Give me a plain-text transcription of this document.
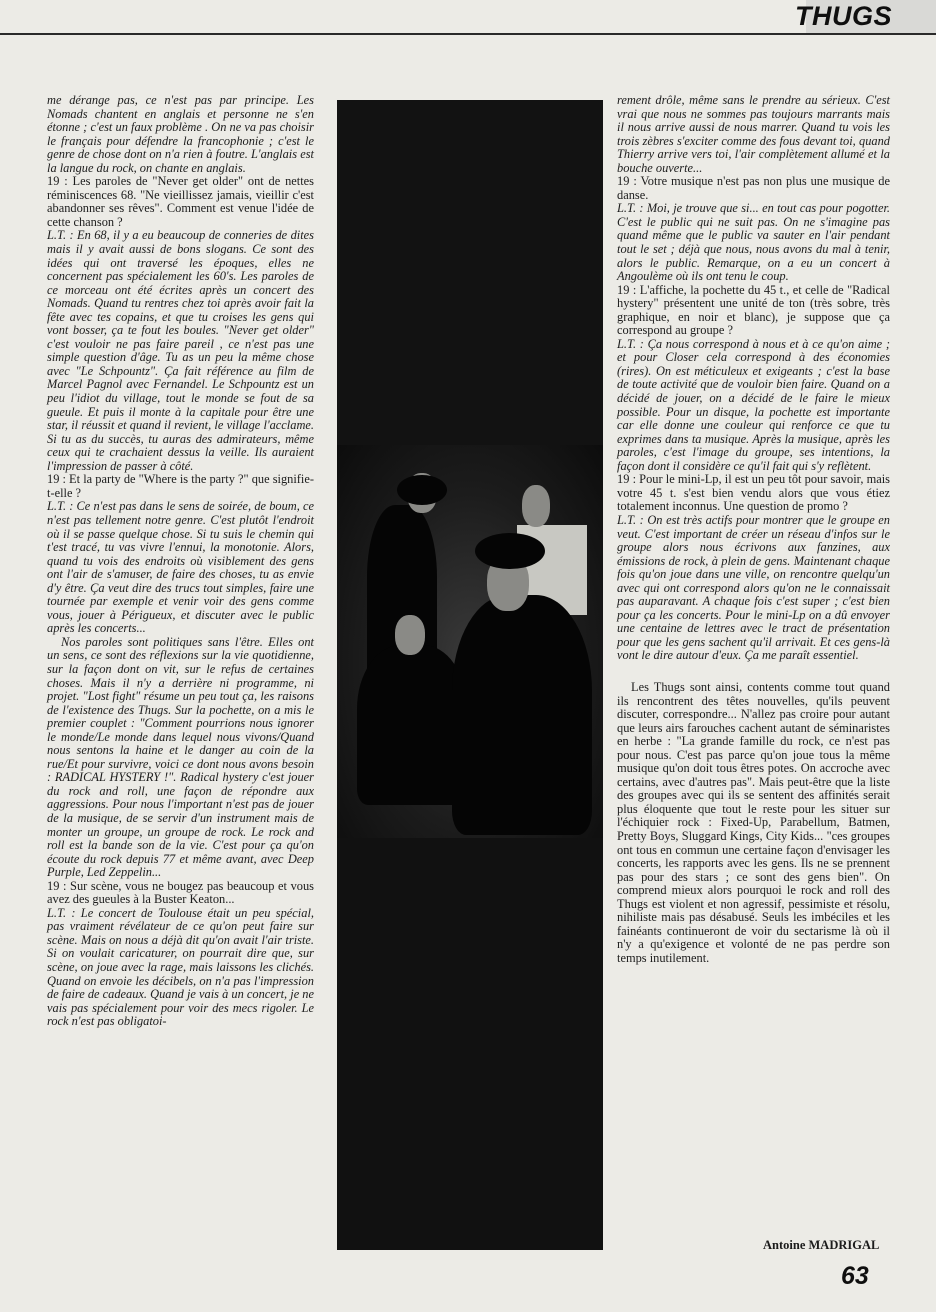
THUGS

me dérange pas, ce n'est pas par principe. Les Nomads chantent en anglais et personne ne s'en étonne ; c'est un faux problème . On ne va pas choisir le français pour défendre la francophonie ; c'est le genre de chose dont on n'a rien à foutre. L'anglais est la langue du rock, on chante en anglais.

19 : Les paroles de "Never get older" ont de nettes réminiscences 68. "Ne vieillissez jamais, vieillir c'est abandonner ses rêves". Comment est venue l'idée de cette chanson ?

L.T. : En 68, il y a eu beaucoup de conneries de dites mais il y avait aussi de bons slogans. Ce sont des idées qui ont traversé les époques, elles ne concernent pas spécialement les 60's. Les paroles de ce morceau ont été écrites après un concert des Nomads. Quand tu rentres chez toi après avoir fait la fête avec tes copains, et que tu croises les gens qui vont bosser, ça te fout les boules. "Never get older" c'est vouloir ne pas faire pareil , ce n'est pas une simple question d'âge. Tu as un peu la même chose avec "Le Schpountz". Ça fait référence au film de Marcel Pagnol avec Fernandel. Le Schpountz est un peu l'idiot du village, tout le monde se fout de sa gueule. Et puis il monte à la capitale pour être une star, il réussit et quand il revient, le village l'acclame. Si tu as du succès, tu auras des admirateurs, même ceux qui te crachaient dessus la veille. Ils auraient l'impression de passer à côté.

19 : Et la party de "Where is the party ?" que signifie-t-elle ?

L.T. : Ce n'est pas dans le sens de soirée, de boum, ce n'est pas tellement notre genre. C'est plutôt l'endroit où il se passe quelque chose. Si tu suis le chemin qui t'est tracé, tu vas vivre l'ennui, la monotonie. Alors, quand tu vois des endroits où visiblement des gens ont l'air de s'amuser, de faire des choses, tu as envie d'y être. Ça veut dire des trucs tout simples, faire une tournée par exemple et venir voir des gens comme vous, jouer à Périgueux, et discuter avec le public après les concerts...

Nos paroles sont politiques sans l'être. Elles ont un sens, ce sont des réflexions sur la vie quotidienne, sur la façon dont on vit, sur le refus de certaines choses. Mais il n'y a derrière ni programme, ni projet. "Lost fight" résume un peu tout ça, les raisons de l'existence des Thugs. Sur la pochette, on a mis le premier couplet : "Comment pourrions nous ignorer le monde/Le monde dans lequel nous vivons/Quand nous sentons la haine et le danger au coin de la rue/Et pour survivre, voici ce dont nous avons besoin : RADICAL HYSTERY !". Radical hystery c'est jouer du rock and roll, une façon de répondre aux aggressions. Pour nous l'important n'est pas de jouer de la musique, de se servir d'un instrument mais de monter un groupe, un groupe de rock. Le rock and roll est la bande son de la vie. C'est pour ça qu'on écoute du rock depuis 77 et même avant, avec Deep Purple, Led Zeppelin...

19 : Sur scène, vous ne bougez pas beaucoup et vous avez des gueules à la Buster Keaton...

L.T. : Le concert de Toulouse était un peu spécial, pas vraiment révélateur de ce qu'on peut faire sur scène. Mais on nous a déjà dit qu'on avait l'air triste. Si on voulait caricaturer, on pourrait dire que, sur scène, on joue avec la rage, mais laissons les clichés. Quand on envoie les décibels, on n'a pas l'impression de faire de cadeaux. Quand je vais à un concert, je ne vais pas spécialement pour voir des mecs rigoler. Le rock n'est pas obligatoi-

rement drôle, même sans le prendre au sérieux. C'est vrai que nous ne sommes pas toujours marrants mais il nous arrive aussi de nous marrer. Quand tu vois les trois zèbres s'exciter comme des fous devant toi, quand Thierry arrive vers toi, l'air complètement allumé et la bouche ouverte...

19 : Votre musique n'est pas non plus une musique de danse.

L.T. : Moi, je trouve que si... en tout cas pour pogotter. C'est le public qui ne suit pas. On ne s'imagine pas quand même que le public va sauter en l'air pendant tout le set ; déjà que nous, nous avons du mal à tenir, alors le public. Remarque, on a eu un concert à Angoulème où ils ont tenu le coup.

19 : L'affiche, la pochette du 45 t., et celle de "Radical hystery" présentent une unité de ton (très sobre, très graphique, en noir et blanc), je suppose que ça correspond au groupe ?

L.T. : Ça nous correspond à nous et à ce qu'on aime ; et pour Closer cela correspond à des économies (rires). On est méticuleux et exigeants ; c'est la base de toute activité que de vouloir bien faire. Quand on a décidé de jouer, on a décidé de le faire le mieux possible. Pour un disque, la pochette est importante car elle donne une couleur qui renforce ce que tu exprimes dans ta musique. Après la musique, après les paroles, c'est l'image du groupe, ses intentions, la façon dont il considère ce qu'il fait qui s'y reflètent.

19 : Pour le mini-Lp, il est un peu tôt pour savoir, mais votre 45 t. s'est bien vendu alors que vous étiez totalement inconnus. Une question de promo ?

L.T. : On est très actifs pour montrer que le groupe en veut. C'est important de créer un réseau d'infos sur le groupe alors nous écrivons aux fanzines, aux émissions de rock, à plein de gens. Maintenant chaque fois qu'on joue dans une ville, on rencontre quelqu'un avec qui ont correspond alors qu'on ne le connaissait pas auparavant. A chaque fois c'est super ; c'est bien pour ça les concerts. Pour le mini-Lp on a dû envoyer une centaine de lettres avec le tract de présentation pour que les gens sachent qu'il arrivait. Et ces gens-là vont le dire autour d'eux. Ça me paraît essentiel.

Les Thugs sont ainsi, contents comme tout quand ils rencontrent des têtes nouvelles, qu'ils peuvent discuter, correspondre... N'allez pas croire pour autant que leurs airs farouches cachent autant de séminaristes en herbe : "La grande famille du rock, ce n'est pas pour nous. C'est pas parce qu'on joue tous la même musique qu'on doit tous êtres potes. On accroche avec certains, avec d'autres pas". Mais peut-être que la liste des groupes avec qui ils se sentent des affinités serait plus éloquente que tout le reste pour les situer sur l'échiquier rock : Fixed-Up, Parabellum, Batmen, Pretty Boys, Sluggard Kings, City Kids... "ces groupes ont tous en commun une certaine façon d'envisager les concerts, les rapports avec les gens. Ils ne se prennent pas pour des stars ; ce sont des gens bien". On comprend mieux alors pourquoi le rock and roll des Thugs est violent et non agressif, pessimiste et résolu, nihiliste mais pas désabusé. Seuls les imbéciles et les fainéants continueront de voir du sectarisme là où il n'y a qu'exigence et volonté de ne pas perdre son temps inutilement.

Antoine MADRIGAL
63
